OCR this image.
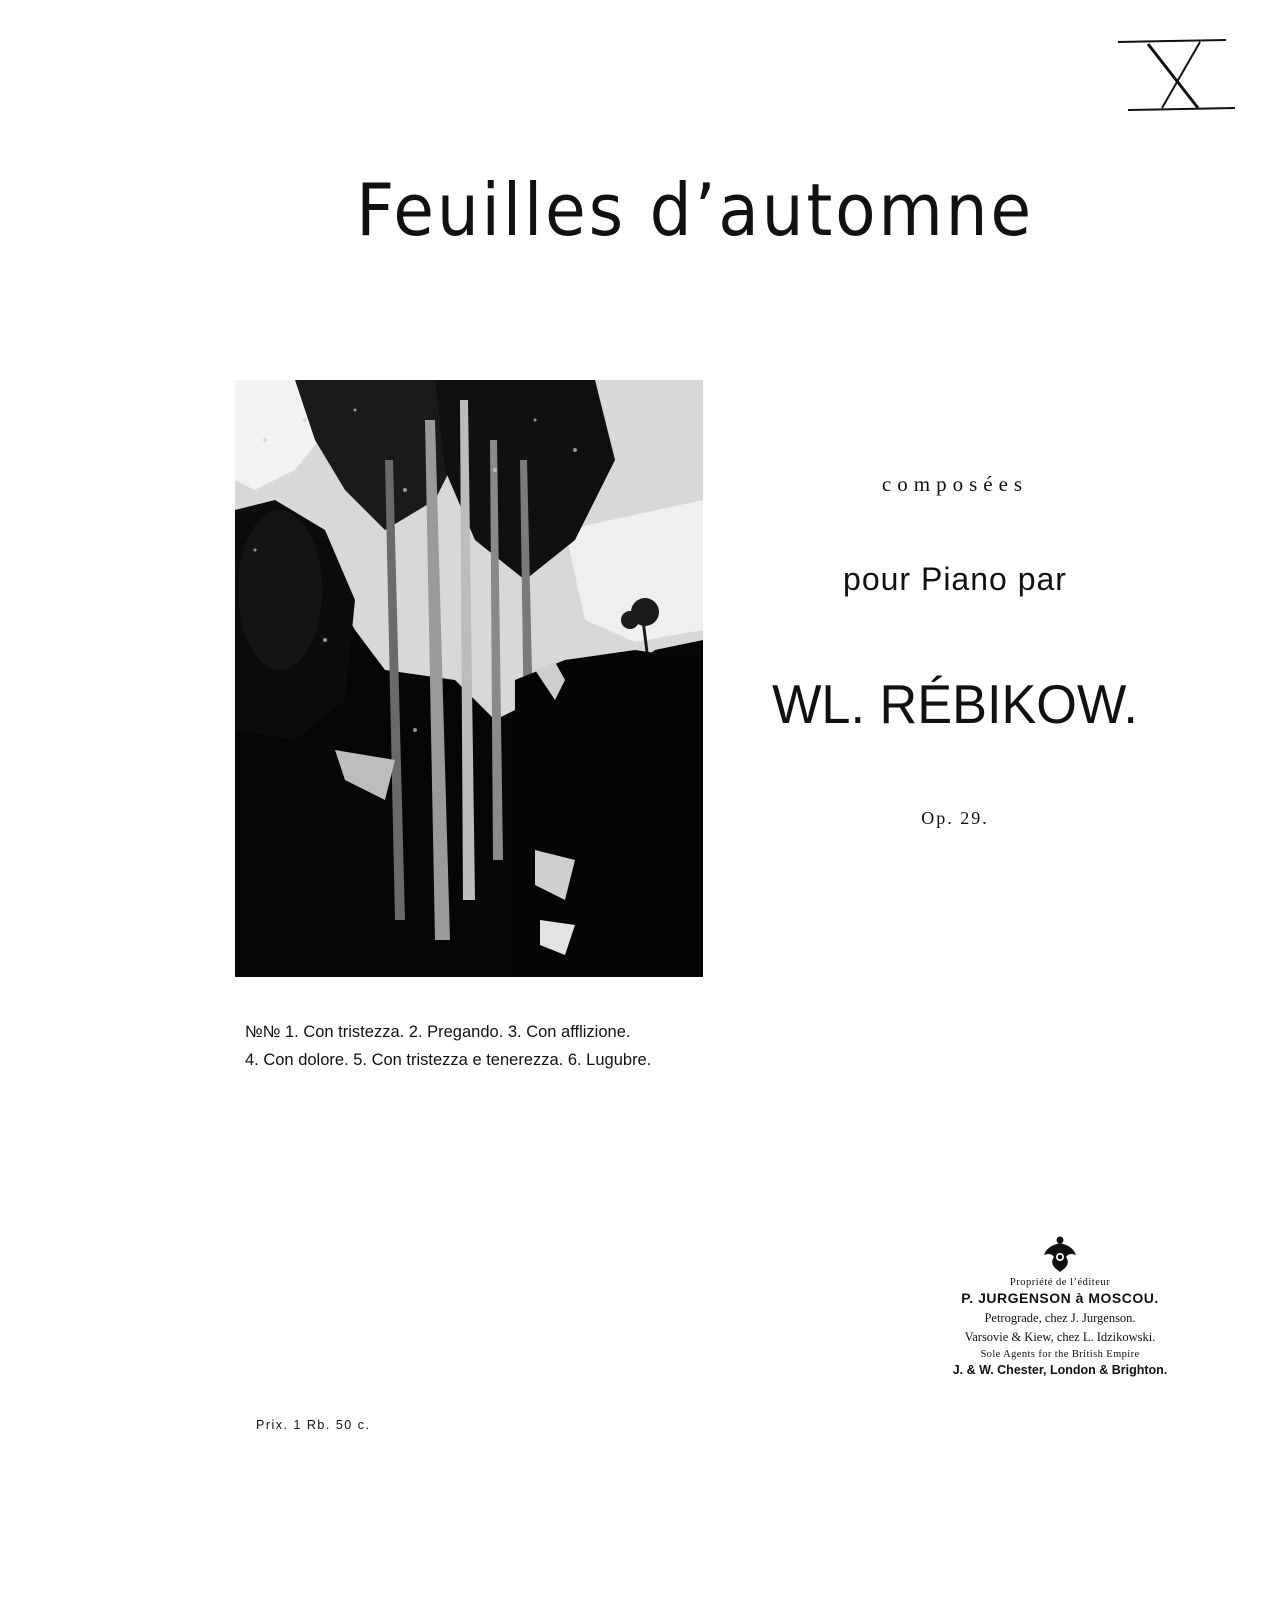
Feuilles d’automne
composées
pour Piano par
WL. RÉBIKOW.
Op. 29.
№№ 1. Con tristezza. 2. Pregando. 3. Con afflizione.
4. Con dolore. 5. Con tristezza e tenerezza. 6. Lugubre.
Propriété de l’éditeur
P. JURGENSON à MOSCOU.
Petrograde, chez J. Jurgenson.
Varsovie & Kiew, chez L. Idzikowski.
Sole Agents for the British Empire
J. & W. Chester, London & Brighton.
Prix. 1 Rb. 50 c.
